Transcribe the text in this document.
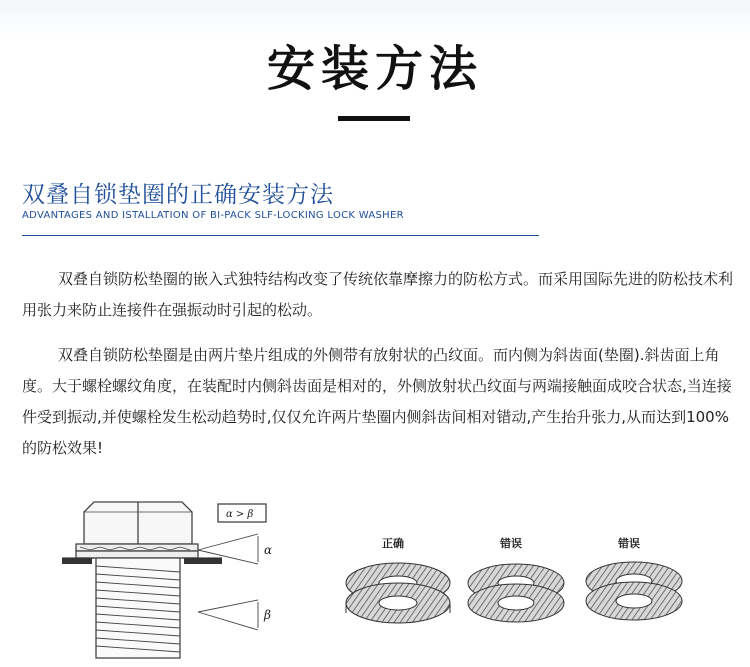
安装方法
双叠自锁垫圈的正确安装方法
ADVANTAGES AND ISTALLATION OF BI-PACK SLF-LOCKING LOCK WASHER
双叠自锁防松垫圈的嵌入式独特结构改变了传统依靠摩擦力的防松方式。而采用国际先进的防松技术利用张力来防止连接件在强振动时引起的松动。
双叠自锁防松垫圈是由两片垫片组成的外侧带有放射状的凸纹面。而内侧为斜齿面(垫圈).斜齿面上角度。大于螺栓螺纹角度，在装配时内侧斜齿面是相对的，外侧放射状凸纹面与两端接触面成咬合状态,当连接件受到振动,并使螺栓发生松动趋势时,仅仅允许两片垫圈内侧斜齿间相对错动,产生抬升张力,从而达到100%的防松效果!
α > β
α
β
正确	错误	错误
